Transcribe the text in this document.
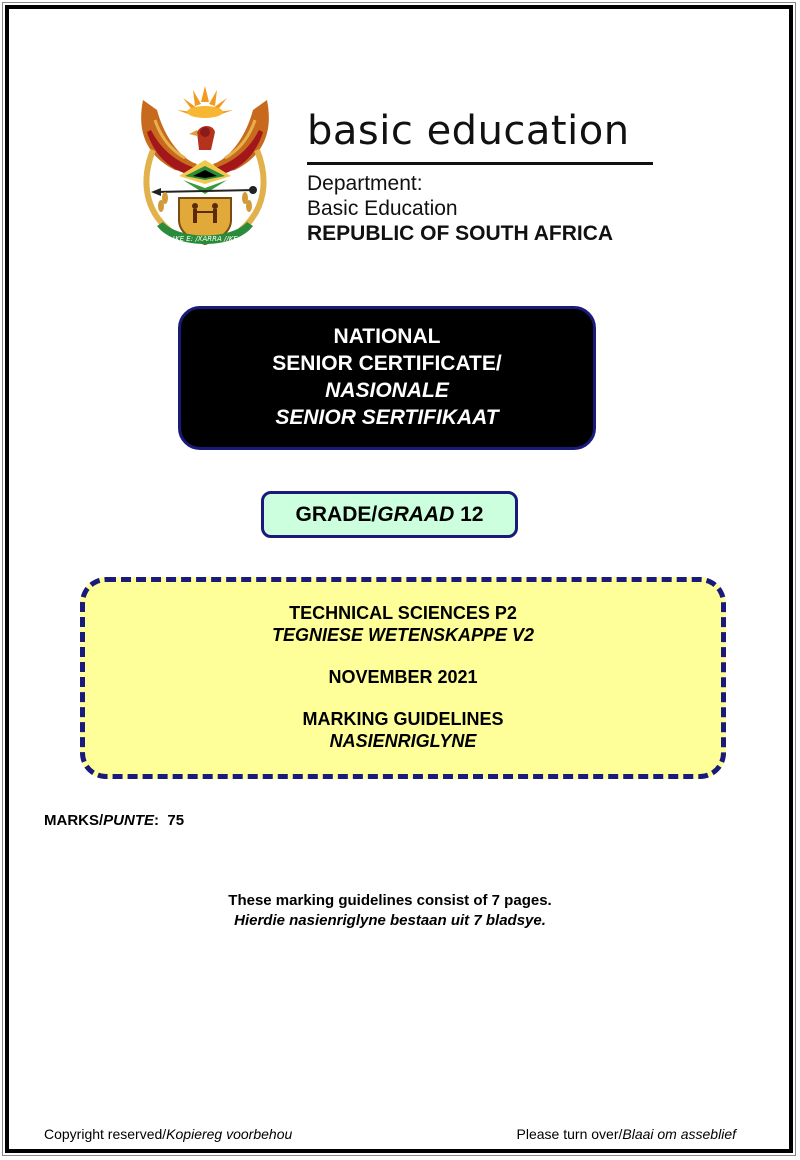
!KE E: /XARRA //KE
basic education
Department:
Basic Education
REPUBLIC OF SOUTH AFRICA
NATIONAL
SENIOR CERTIFICATE/
NASIONALE
SENIOR SERTIFIKAAT
GRADE/GRAAD 12
TECHNICAL SCIENCES P2
TEGNIESE WETENSKAPPE V2
NOVEMBER 2021
MARKING GUIDELINES
NASIENRIGLYNE
MARKS/PUNTE: 75
These marking guidelines consist of 7 pages.
Hierdie nasienriglyne bestaan uit 7 bladsye.
Copyright reserved/Kopiereg voorbehou	Please turn over/Blaai om asseblief
